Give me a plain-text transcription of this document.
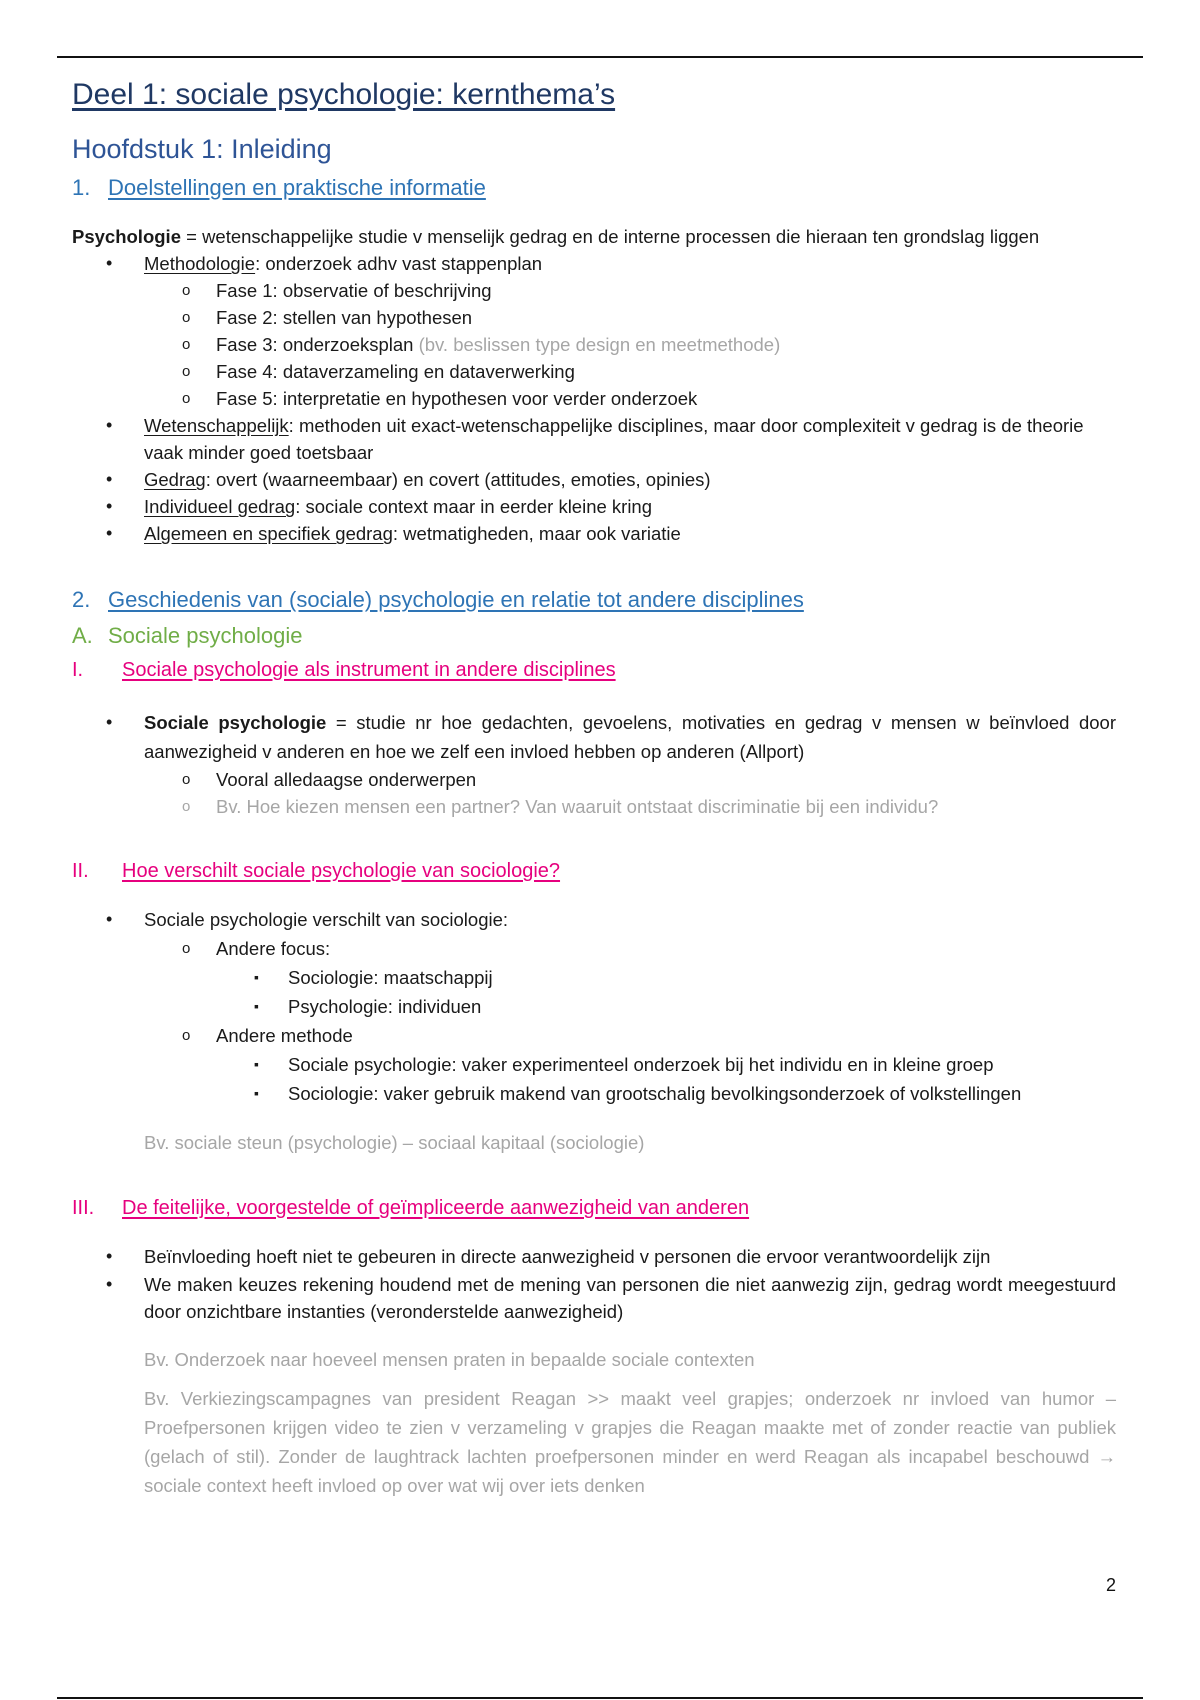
Deel 1: sociale psychologie: kernthema’s
Hoofdstuk 1: Inleiding
1. Doelstellingen en praktische informatie

Psychologie = wetenschappelijke studie v menselijk gedrag en de interne processen die hieraan ten grondslag liggen

• Methodologie: onderzoek adhv vast stappenplan
o Fase 1: observatie of beschrijving
o Fase 2: stellen van hypothesen
o Fase 3: onderzoeksplan (bv. beslissen type design en meetmethode)
o Fase 4: dataverzameling en dataverwerking
o Fase 5: interpretatie en hypothesen voor verder onderzoek
• Wetenschappelijk: methoden uit exact-wetenschappelijke disciplines, maar door complexiteit v gedrag is de theorie vaak minder goed toetsbaar
• Gedrag: overt (waarneembaar) en covert (attitudes, emoties, opinies)
• Individueel gedrag: sociale context maar in eerder kleine kring
• Algemeen en specifiek gedrag: wetmatigheden, maar ook variatie
2. Geschiedenis van (sociale) psychologie en relatie tot andere disciplines
A. Sociale psychologie
I.	Sociale psychologie als instrument in andere disciplines
• Sociale psychologie = studie nr hoe gedachten, gevoelens, motivaties en gedrag v mensen w beïnvloed door aanwezigheid v anderen en hoe we zelf een invloed hebben op anderen (Allport)
o Vooral alledaagse onderwerpen
o Bv. Hoe kiezen mensen een partner? Van waaruit ontstaat discriminatie bij een individu?
II.	Hoe verschilt sociale psychologie van sociologie?
• Sociale psychologie verschilt van sociologie:
o Andere focus:
▪ Sociologie: maatschappij
▪ Psychologie: individuen
o Andere methode
▪ Sociale psychologie: vaker experimenteel onderzoek bij het individu en in kleine groep
▪ Sociologie: vaker gebruik makend van grootschalig bevolkingsonderzoek of volkstellingen

Bv. sociale steun (psychologie) – sociaal kapitaal (sociologie)

III.	De feitelijke, voorgestelde of geïmpliceerde aanwezigheid van anderen
• Beïnvloeding hoeft niet te gebeuren in directe aanwezigheid v personen die ervoor verantwoordelijk zijn
• We maken keuzes rekening houdend met de mening van personen die niet aanwezig zijn, gedrag wordt meegestuurd door onzichtbare instanties (veronderstelde aanwezigheid)

Bv. Onderzoek naar hoeveel mensen praten in bepaalde sociale contexten

Bv. Verkiezingscampagnes van president Reagan >> maakt veel grapjes; onderzoek nr invloed van humor – Proefpersonen krijgen video te zien v verzameling v grapjes die Reagan maakte met of zonder reactie van publiek (gelach of stil). Zonder de laughtrack lachten proefpersonen minder en werd Reagan als incapabel beschouwd → sociale context heeft invloed op over wat wij over iets denken

2
